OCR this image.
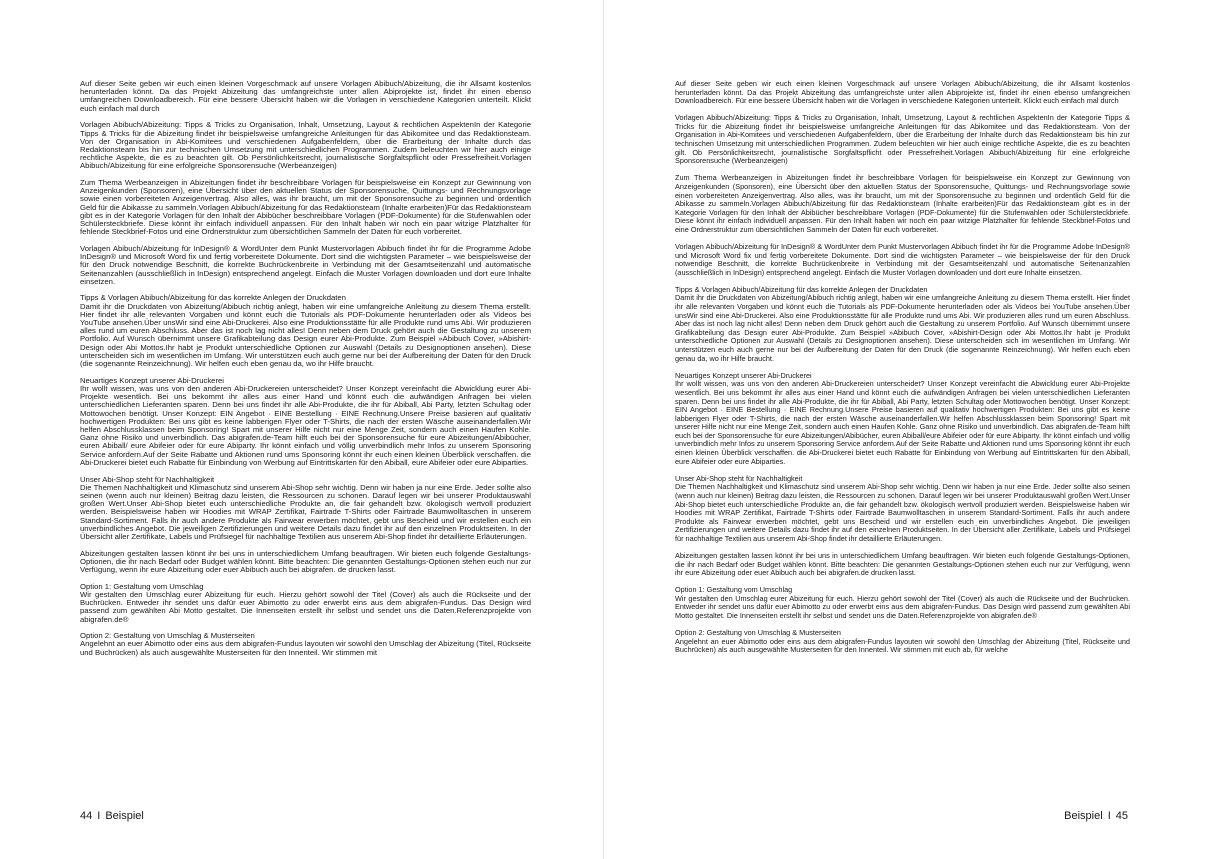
Auf dieser Seite geben wir euch einen kleinen Vorgeschmack auf unsere Vorlagen Abibuch/Abizeitung, die ihr Allsamt kostenlos herunterladen könnt. Da das Projekt Abizeitung das umfangreichste unter allen Abiprojekte ist, findet ihr einen ebenso umfangreichen Downloadbereich. Für eine bessere Übersicht haben wir die Vorlagen in verschiedene Kategorien unterteilt. Klickt euch einfach mal durch

Vorlagen Abibuch/Abizeitung: Tipps & Tricks zu Organisation, Inhalt, Umsetzung, Layout & rechtlichen AspektenIn der Kategorie Tipps & Tricks für die Abizeitung findet ihr beispielsweise umfangreiche Anleitungen für das Abikomitee und das Redaktionsteam. Von der Organisation in Abi-Komitees und verschiedenen Aufgabenfeldern, über die Erarbeitung der Inhalte durch das Redaktionsteam bis hin zur technischen Umsetzung mit unterschiedlichen Programmen. Zudem beleuchten wir hier auch einige rechtliche Aspekte, die es zu beachten gilt. Ob Persönlichkeitsrecht, journalistische Sorgfaltspflicht oder Pressefreiheit.Vorlagen Abibuch/Abizeitung für eine erfolgreiche Sponsorensuche (Werbeanzeigen)

Zum Thema Werbeanzeigen in Abizeitungen findet ihr beschreibbare Vorlagen für beispielsweise ein Konzept zur Gewinnung von Anzeigenkunden (Sponsoren), eine Übersicht über den aktuellen Status der Sponsorensuche, Quittungs- und Rechnungsvorlage sowie einen vorbereiteten Anzeigenvertrag. Also alles, was ihr braucht, um mit der Sponsorensuche zu beginnen und ordentlich Geld für die Abikasse zu sammeln.Vorlagen Abibuch/Abizeitung für das Redaktionsteam (Inhalte erarbeiten)Für das Redaktionsteam gibt es in der Kategorie Vorlagen für den Inhalt der Abibücher beschreibbare Vorlagen (PDF-Dokumente) für die Stufenwahlen oder Schülersteckbriefe. Diese könnt ihr einfach individuell anpassen. Für den Inhalt haben wir noch ein paar witzige Platzhalter für fehlende Steckbrief-Fotos und eine Ordnerstruktur zum übersichtlichen Sammeln der Daten für euch vorbereitet.

Vorlagen Abibuch/Abizeitung für InDesign® & WordUnter dem Punkt Mustervorlagen Abibuch findet ihr für die Programme Adobe InDesign® und Microsoft Word fix und fertig vorbereitete Dokumente. Dort sind die wichtigsten Parameter – wie beispielsweise der für den Druck notwendige Beschnitt, die korrekte Buchrückenbreite in Verbindung mit der Gesamtseitenzahl und automatische Seitenanzahlen (ausschließlich in InDesign) entsprechend angelegt. Einfach die Muster Vorlagen downloaden und dort eure Inhalte einsetzen.

Tipps & Vorlagen Abibuch/Abizeitung für das korrekte Anlegen der Druckdaten
Damit ihr die Druckdaten von Abizeitung/Abibuch richtig anlegt, haben wir eine umfangreiche Anleitung zu diesem Thema erstellt. Hier findet ihr alle relevanten Vorgaben und könnt euch die Tutorials als PDF-Dokumente herunterladen oder als Videos bei YouTube ansehen.Über unsWir sind eine Abi-Druckerei. Also eine Produktionsstätte für alle Produkte rund ums Abi. Wir produzieren alles rund um euren Abschluss. Aber das ist noch lag nicht alles! Denn neben dem Druck gehört auch die Gestaltung zu unserem Portfolio. Auf Wunsch übernimmt unsere Grafikabteilung das Design eurer Abi-Produkte. Zum Beispiel »Abibuch Cover, »Abishirt-Design oder Abi Mottos.Ihr habt je Produkt unterschiedliche Optionen zur Auswahl (Details zu Designoptionen ansehen). Diese unterscheiden sich im wesentlichen im Umfang. Wir unterstützen euch auch gerne nur bei der Aufbereitung der Daten für den Druck (die sogenannte Reinzeichnung). Wir helfen euch eben genau da, wo ihr Hilfe braucht.

Neuartiges Konzept unserer Abi-Druckerei
Ihr wollt wissen, was uns von den anderen Abi-Druckereien unterscheidet? Unser Konzept vereinfacht die Abwicklung eurer Abi-Projekte wesentlich. Bei uns bekommt ihr alles aus einer Hand und könnt euch die aufwändigen Anfragen bei vielen unterschiedlichen Lieferanten sparen. Denn bei uns findet ihr alle Abi-Produkte, die ihr für Abiball, Abi Party, letzten Schultag oder Mottowochen benötigt. Unser Konzept: EIN Angebot · EINE Bestellung · EINE Rechnung.Unsere Preise basieren auf qualitativ hochwertigen Produkten: Bei uns gibt es keine labberigen Flyer oder T-Shirts, die nach der ersten Wäsche auseinanderfallen.Wir helfen Abschlussklassen beim Sponsoring! Spart mit unserer Hilfe nicht nur eine Menge Zeit, sondern auch einen Haufen Kohle. Ganz ohne Risiko und unverbindlich. Das abigrafen.de-Team hilft euch bei der Sponsorensuche für eure Abizeitungen/Abibücher, euren Abiball/ eure Abifeier oder für eure Abiparty. Ihr könnt einfach und völlig unverbindlich mehr Infos zu unserem Sponsoring Service anfordern.Auf der Seite Rabatte und Aktionen rund ums Sponsoring könnt ihr euch einen kleinen Überblick verschaffen. die Abi-Druckerei bietet euch Rabatte für Einbindung von Werbung auf Eintrittskarten für den Abiball, eure Abifeier oder eure Abiparties.

Unser Abi-Shop steht für Nachhaltigkeit
Die Themen Nachhaltigkeit und Klimaschutz sind unserem Abi-Shop sehr wichtig. Denn wir haben ja nur eine Erde. Jeder sollte also seinen (wenn auch nur kleinen) Beitrag dazu leisten, die Ressourcen zu schonen. Darauf legen wir bei unserer Produktauswahl großen Wert.Unser Abi-Shop bietet euch unterschiedliche Produkte an, die fair gehandelt bzw. ökologisch wertvoll produziert werden. Beispielsweise haben wir Hoodies mit WRAP Zertifikat, Fairtrade T-Shirts oder Fairtrade Baumwolltaschen in unserem Standard-Sortiment. Falls ihr auch andere Produkte als Fairwear erwerben möchtet, gebt uns Bescheid und wir erstellen euch ein unverbindliches Angebot. Die jeweiligen Zertifizierungen und weitere Details dazu findet ihr auf den einzelnen Produktseiten. In der Übersicht aller Zertifikate, Labels und Prüfsiegel für nachhaltige Textilien aus unserem Abi-Shop findet ihr detaillierte Erläuterungen.

Abizeitungen gestalten lassen könnt ihr bei uns in unterschiedlichem Umfang beauftragen. Wir bieten euch folgende Gestaltungs-Optionen, die ihr nach Bedarf oder Budget wählen könnt. Bitte beachten: Die genannten Gestaltungs-Optionen stehen euch nur zur Verfügung, wenn ihr eure Abizeitung oder euer Abibuch auch bei abigrafen. de drucken lasst.

Option 1: Gestaltung vom Umschlag
Wir gestalten den Umschlag eurer Abizeitung für euch. Hierzu gehört sowohl der Titel (Cover) als auch die Rückseite und der Buchrücken. Entweder ihr sendet uns dafür euer Abimotto zu oder erwerbt eins aus dem abigrafen-Fundus. Das Design wird passend zum gewählten Abi Motto gestaltet. Die Innenseiten erstellt ihr selbst und sendet uns die Daten.Referenzprojekte von abigrafen.de®

Option 2: Gestaltung von Umschlag & Musterseiten
Angelehnt an euer Abimotto oder eins aus dem abigrafen-Fundus layouten wir sowohl den Umschlag der Abizeitung (Titel, Rückseite und Buchrücken) als auch ausgewählte Musterseiten für den Innenteil. Wir stimmen mit

44 I Beispiel

Auf dieser Seite geben wir euch einen kleinen Vorgeschmack auf unsere Vorlagen Abibuch/Abizeitung, die ihr Allsamt kostenlos herunterladen könnt. Da das Projekt Abizeitung das umfangreichste unter allen Abiprojekte ist, findet ihr einen ebenso umfangreichen Downloadbereich. Für eine bessere Übersicht haben wir die Vorlagen in verschiedene Kategorien unterteilt. Klickt euch einfach mal durch

Vorlagen Abibuch/Abizeitung: Tipps & Tricks zu Organisation, Inhalt, Umsetzung, Layout & rechtlichen AspektenIn der Kategorie Tipps & Tricks für die Abizeitung findet ihr beispielsweise umfangreiche Anleitungen für das Abikomitee und das Redaktionsteam. Von der Organisation in Abi-Komitees und verschiedenen Aufgabenfeldern, über die Erarbeitung der Inhalte durch das Redaktionsteam bis hin zur technischen Umsetzung mit unterschiedlichen Programmen. Zudem beleuchten wir hier auch einige rechtliche Aspekte, die es zu beachten gilt. Ob Persönlichkeitsrecht, journalistische Sorgfaltspflicht oder Pressefreiheit.Vorlagen Abibuch/Abizeitung für eine erfolgreiche Sponsorensuche (Werbeanzeigen)

Zum Thema Werbeanzeigen in Abizeitungen findet ihr beschreibbare Vorlagen für beispielsweise ein Konzept zur Gewinnung von Anzeigenkunden (Sponsoren), eine Übersicht über den aktuellen Status der Sponsorensuche, Quittungs- und Rechnungsvorlage sowie einen vorbereiteten Anzeigenvertrag. Also alles, was ihr braucht, um mit der Sponsorensuche zu beginnen und ordentlich Geld für die Abikasse zu sammeln.Vorlagen Abibuch/Abizeitung für das Redaktionsteam (Inhalte erarbeiten)Für das Redaktionsteam gibt es in der Kategorie Vorlagen für den Inhalt der Abibücher beschreibbare Vorlagen (PDF-Dokumente) für die Stufenwahlen oder Schülersteckbriefe. Diese könnt ihr einfach individuell anpassen. Für den Inhalt haben wir noch ein paar witzige Platzhalter für fehlende Steckbrief-Fotos und eine Ordnerstruktur zum übersichtlichen Sammeln der Daten für euch vorbereitet.

Vorlagen Abibuch/Abizeitung für InDesign® & WordUnter dem Punkt Mustervorlagen Abibuch findet ihr für die Programme Adobe InDesign® und Microsoft Word fix und fertig vorbereitete Dokumente. Dort sind die wichtigsten Parameter – wie beispielsweise der für den Druck notwendige Beschnitt, die korrekte Buchrückenbreite in Verbindung mit der Gesamtseitenzahl und automatische Seitenanzahlen (ausschließlich in InDesign) entsprechend angelegt. Einfach die Muster Vorlagen downloaden und dort eure Inhalte einsetzen.

Tipps & Vorlagen Abibuch/Abizeitung für das korrekte Anlegen der Druckdaten
Damit ihr die Druckdaten von Abizeitung/Abibuch richtig anlegt, haben wir eine umfangreiche Anleitung zu diesem Thema erstellt. Hier findet ihr alle relevanten Vorgaben und könnt euch die Tutorials als PDF-Dokumente herunterladen oder als Videos bei YouTube ansehen.Über unsWir sind eine Abi-Druckerei. Also eine Produktionsstätte für alle Produkte rund ums Abi. Wir produzieren alles rund um euren Abschluss. Aber das ist noch lag nicht alles! Denn neben dem Druck gehört auch die Gestaltung zu unserem Portfolio. Auf Wunsch übernimmt unsere Grafikabteilung das Design eurer Abi-Produkte. Zum Beispiel »Abibuch Cover, »Abishirt-Design oder Abi Mottos.Ihr habt je Produkt unterschiedliche Optionen zur Auswahl (Details zu Designoptionen ansehen). Diese unterscheiden sich im wesentlichen im Umfang. Wir unterstützen euch auch gerne nur bei der Aufbereitung der Daten für den Druck (die sogenannte Reinzeichnung). Wir helfen euch eben genau da, wo ihr Hilfe braucht.

Neuartiges Konzept unserer Abi-Druckerei
Ihr wollt wissen, was uns von den anderen Abi-Druckereien unterscheidet? Unser Konzept vereinfacht die Abwicklung eurer Abi-Projekte wesentlich. Bei uns bekommt ihr alles aus einer Hand und könnt euch die aufwändigen Anfragen bei vielen unterschiedlichen Lieferanten sparen. Denn bei uns findet ihr alle Abi-Produkte, die ihr für Abiball, Abi Party, letzten Schultag oder Mottowochen benötigt. Unser Konzept: EIN Angebot · EINE Bestellung · EINE Rechnung.Unsere Preise basieren auf qualitativ hochwertigen Produkten: Bei uns gibt es keine labberigen Flyer oder T-Shirts, die nach der ersten Wäsche auseinanderfallen.Wir helfen Abschlussklassen beim Sponsoring! Spart mit unserer Hilfe nicht nur eine Menge Zeit, sondern auch einen Haufen Kohle. Ganz ohne Risiko und unverbindlich. Das abigrafen.de-Team hilft euch bei der Sponsorensuche für eure Abizeitungen/Abibücher, euren Abiball/eure Abifeier oder für eure Abiparty. Ihr könnt einfach und völlig unverbindlich mehr Infos zu unserem Sponsoring Service anfordern.Auf der Seite Rabatte und Aktionen rund ums Sponsoring könnt ihr euch einen kleinen Überblick verschaffen. die Abi-Druckerei bietet euch Rabatte für Einbindung von Werbung auf Eintrittskarten für den Abiball, eure Abifeier oder eure Abiparties.

Unser Abi-Shop steht für Nachhaltigkeit
Die Themen Nachhaltigkeit und Klimaschutz sind unserem Abi-Shop sehr wichtig. Denn wir haben ja nur eine Erde. Jeder sollte also seinen (wenn auch nur kleinen) Beitrag dazu leisten, die Ressourcen zu schonen. Darauf legen wir bei unserer Produktauswahl großen Wert.Unser Abi-Shop bietet euch unterschiedliche Produkte an, die fair gehandelt bzw. ökologisch wertvoll produziert werden. Beispielsweise haben wir Hoodies mit WRAP Zertifikat, Fairtrade T-Shirts oder Fairtrade Baumwolltaschen in unserem Standard-Sortiment. Falls ihr auch andere Produkte als Fairwear erwerben möchtet, gebt uns Bescheid und wir erstellen euch ein unverbindliches Angebot. Die jeweiligen Zertifizierungen und weitere Details dazu findet ihr auf den einzelnen Produktseiten. In der Übersicht aller Zertifikate, Labels und Prüfsiegel für nachhaltige Textilien aus unserem Abi-Shop findet ihr detaillierte Erläuterungen.

Abizeitungen gestalten lassen könnt ihr bei uns in unterschiedlichem Umfang beauftragen. Wir bieten euch folgende Gestaltungs-Optionen, die ihr nach Bedarf oder Budget wählen könnt. Bitte beachten: Die genannten Gestaltungs-Optionen stehen euch nur zur Verfügung, wenn ihr eure Abizeitung oder euer Abibuch auch bei abigrafen.de drucken lasst.

Option 1: Gestaltung vom Umschlag
Wir gestalten den Umschlag eurer Abizeitung für euch. Hierzu gehört sowohl der Titel (Cover) als auch die Rückseite und der Buchrücken. Entweder ihr sendet uns dafür euer Abimotto zu oder erwerbt eins aus dem abigrafen-Fundus. Das Design wird passend zum gewählten Abi Motto gestaltet. Die Innenseiten erstellt ihr selbst und sendet uns die Daten.Referenzprojekte von abigrafen.de®

Option 2: Gestaltung von Umschlag & Musterseiten
Angelehnt an euer Abimotto oder eins aus dem abigrafen-Fundus layouten wir sowohl den Umschlag der Abizeitung (Titel, Rückseite und Buchrücken) als auch ausgewählte Musterseiten für den Innenteil. Wir stimmen mit euch ab, für welche

Beispiel I 45
